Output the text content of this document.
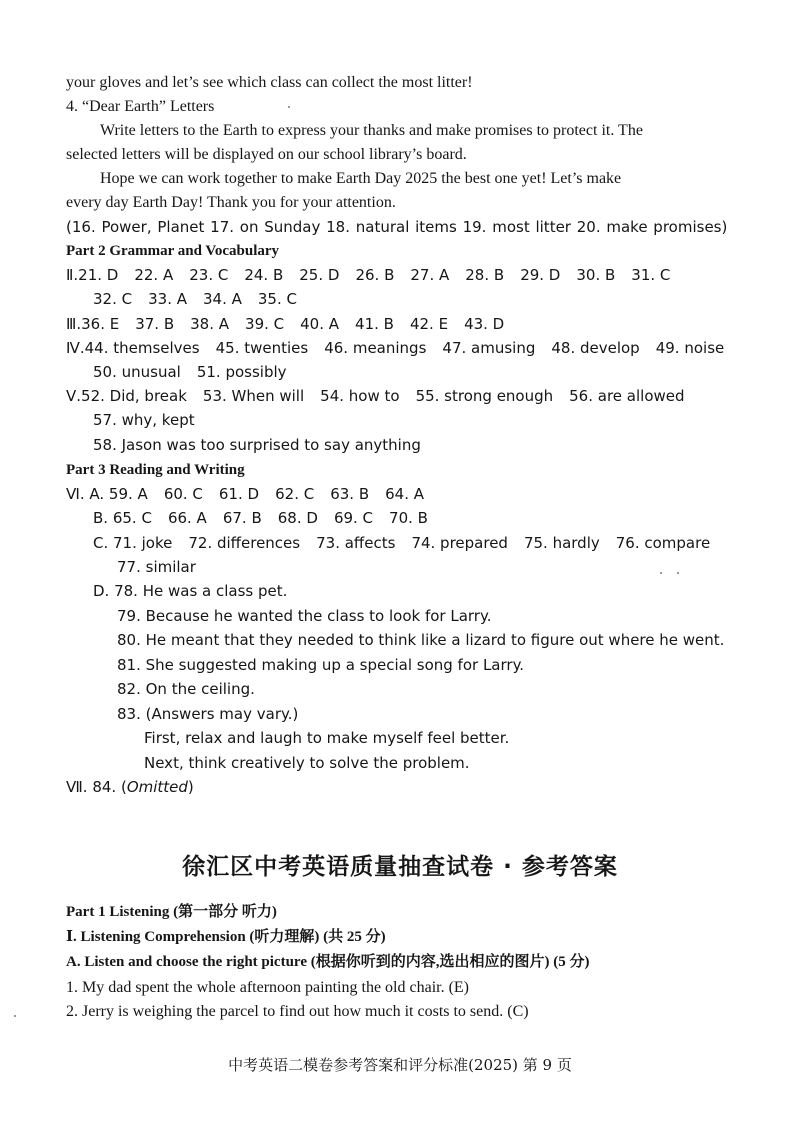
your gloves and let’s see which class can collect the most litter!
4. “Dear Earth” Letters
Write letters to the Earth to express your thanks and make promises to protect it. The
selected letters will be displayed on our school library’s board.
Hope we can work together to make Earth Day 2025 the best one yet! Let’s make
every day Earth Day! Thank you for your attention.
(16. Power, Planet 17. on Sunday 18. natural items 19. most litter 20. make promises)
Part 2 Grammar and Vocabulary
Ⅱ.21. D 22. A 23. C 24. B 25. D 26. B 27. A 28. B 29. D 30. B 31. C
32. C 33. A 34. A 35. C
Ⅲ.36. E 37. B 38. A 39. C 40. A 41. B 42. E 43. D
Ⅳ.44. themselves 45. twenties 46. meanings 47. amusing 48. develop 49. noise
50. unusual 51. possibly
Ⅴ.52. Did, break 53. When will 54. how to 55. strong enough 56. are allowed
57. why, kept
58. Jason was too surprised to say anything
Part 3 Reading and Writing
Ⅵ. A. 59. A 60. C 61. D 62. C 63. B 64. A
B. 65. C 66. A 67. B 68. D 69. C 70. B
C. 71. joke 72. differences 73. affects 74. prepared 75. hardly 76. compare
77. similar
D. 78. He was a class pet.
79. Because he wanted the class to look for Larry.
80. He meant that they needed to think like a lizard to figure out where he went.
81. She suggested making up a special song for Larry.
82. On the ceiling.
83. (Answers may vary.)
First, relax and laugh to make myself feel better.
Next, think creatively to solve the problem.
Ⅶ. 84. (Omitted)
徐汇区中考英语质量抽查试卷 · 参考答案
Part 1 Listening (第一部分 听力)
Ⅰ. Listening Comprehension (听力理解) (共 25 分)
A. Listen and choose the right picture (根据你听到的内容,选出相应的图片) (5 分)
1. My dad spent the whole afternoon painting the old chair. (E)
2. Jerry is weighing the parcel to find out how much it costs to send. (C)
中考英语二模卷参考答案和评分标准(2025) 第 9 页
